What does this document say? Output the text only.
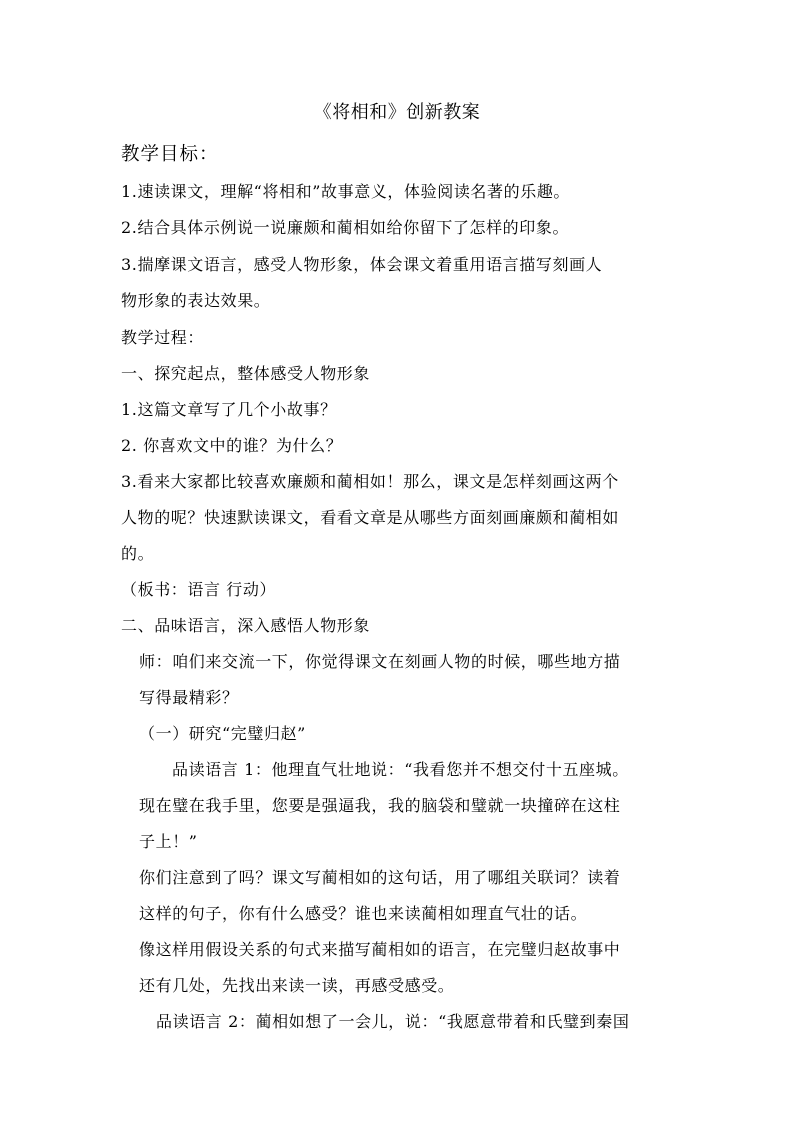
《将相和》创新教案
教学目标：
1.速读课文，理解“将相和”故事意义，体验阅读名著的乐趣。
2.结合具体示例说一说廉颇和蔺相如给你留下了怎样的印象。
3.揣摩课文语言，感受人物形象，体会课文着重用语言描写刻画人
物形象的表达效果。
教学过程：
一、探究起点，整体感受人物形象
1.这篇文章写了几个小故事？
2. 你喜欢文中的谁？为什么？
3.看来大家都比较喜欢廉颇和蔺相如！那么，课文是怎样刻画这两个
人物的呢？快速默读课文，看看文章是从哪些方面刻画廉颇和蔺相如
的。
（板书：语言 行动）
二、品味语言，深入感悟人物形象
师：咱们来交流一下，你觉得课文在刻画人物的时候，哪些地方描
写得最精彩？
（一）研究“完璧归赵”
品读语言 1：他理直气壮地说：“我看您并不想交付十五座城。
现在璧在我手里，您要是强逼我，我的脑袋和璧就一块撞碎在这柱
子上！”
你们注意到了吗？课文写蔺相如的这句话，用了哪组关联词？读着
这样的句子，你有什么感受？谁也来读蔺相如理直气壮的话。
像这样用假设关系的句式来描写蔺相如的语言，在完璧归赵故事中
还有几处，先找出来读一读，再感受感受。
品读语言 2：蔺相如想了一会儿，说：“我愿意带着和氏璧到秦国
